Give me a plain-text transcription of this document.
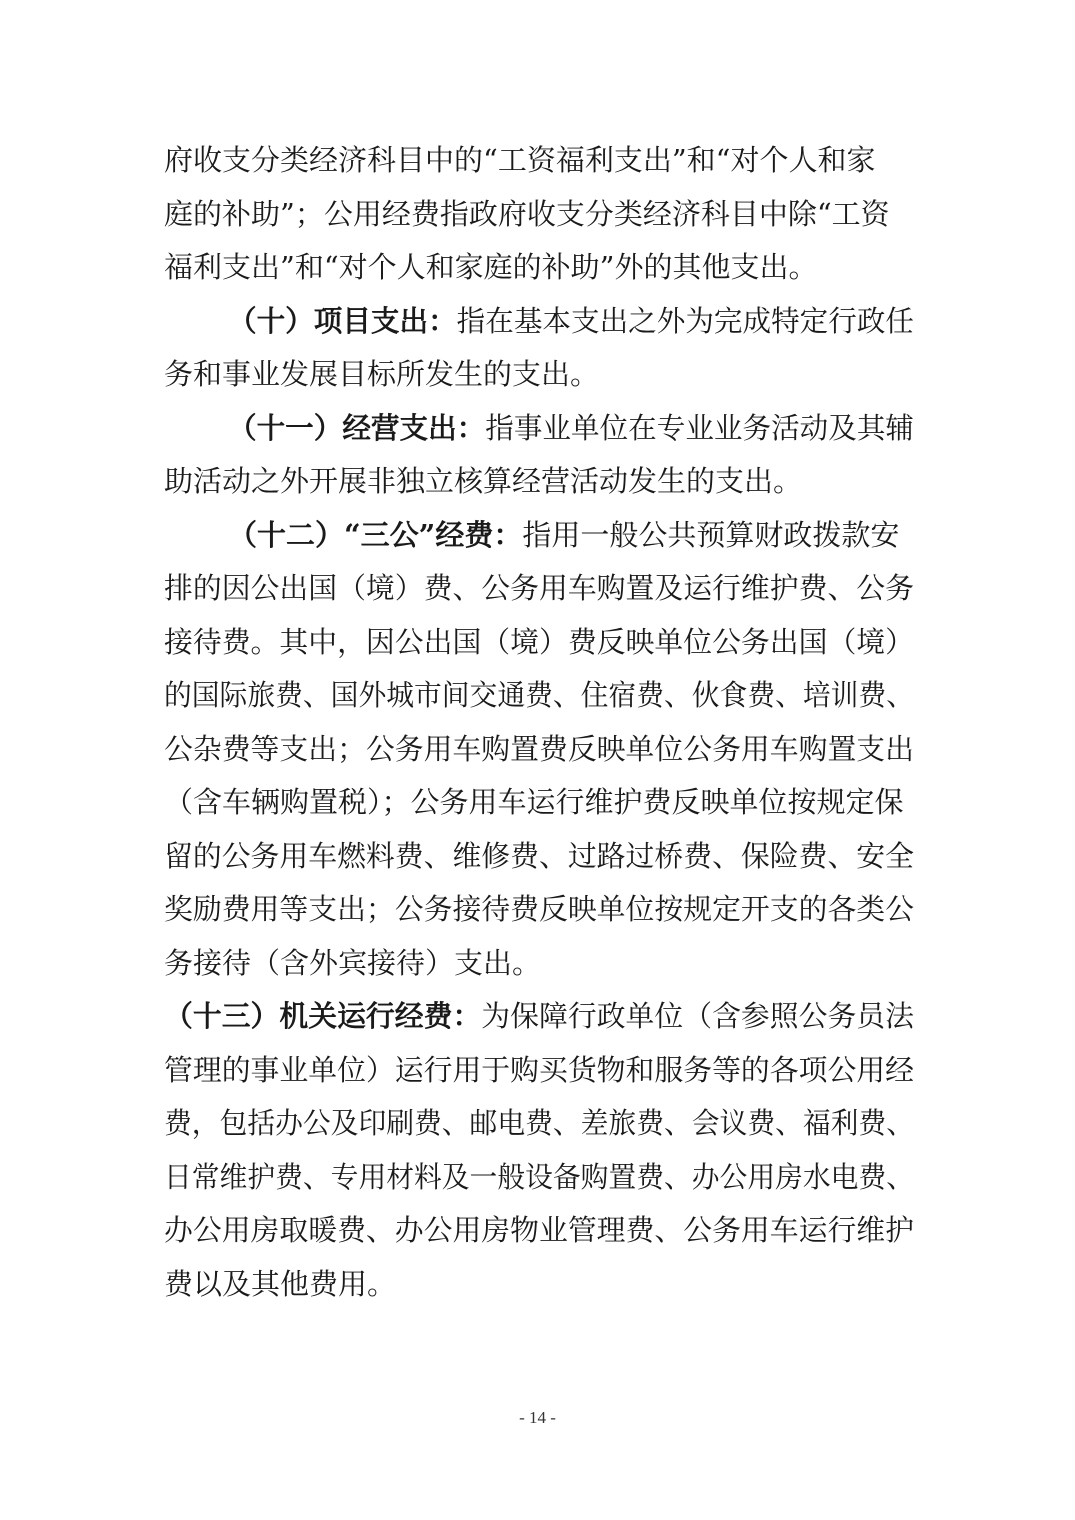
府收支分类经济科目中的“工资福利支出”和“对个人和家
庭的补助”；公用经费指政府收支分类经济科目中除“工资
福利支出”和“对个人和家庭的补助”外的其他支出。
（十）项目支出：指在基本支出之外为完成特定行政任
务和事业发展目标所发生的支出。
（十一）经营支出：指事业单位在专业业务活动及其辅
助活动之外开展非独立核算经营活动发生的支出。
（十二）“三公”经费：指用一般公共预算财政拨款安
排的因公出国（境）费、公务用车购置及运行维护费、公务
接待费。其中，因公出国（境）费反映单位公务出国（境）
的国际旅费、国外城市间交通费、住宿费、伙食费、培训费、
公杂费等支出；公务用车购置费反映单位公务用车购置支出
（含车辆购置税）；公务用车运行维护费反映单位按规定保
留的公务用车燃料费、维修费、过路过桥费、保险费、安全
奖励费用等支出；公务接待费反映单位按规定开支的各类公
务接待（含外宾接待）支出。
（十三）机关运行经费：为保障行政单位（含参照公务员法
管理的事业单位）运行用于购买货物和服务等的各项公用经
费，包括办公及印刷费、邮电费、差旅费、会议费、福利费、
日常维护费、专用材料及一般设备购置费、办公用房水电费、
办公用房取暖费、办公用房物业管理费、公务用车运行维护
费以及其他费用。
- 14 -
